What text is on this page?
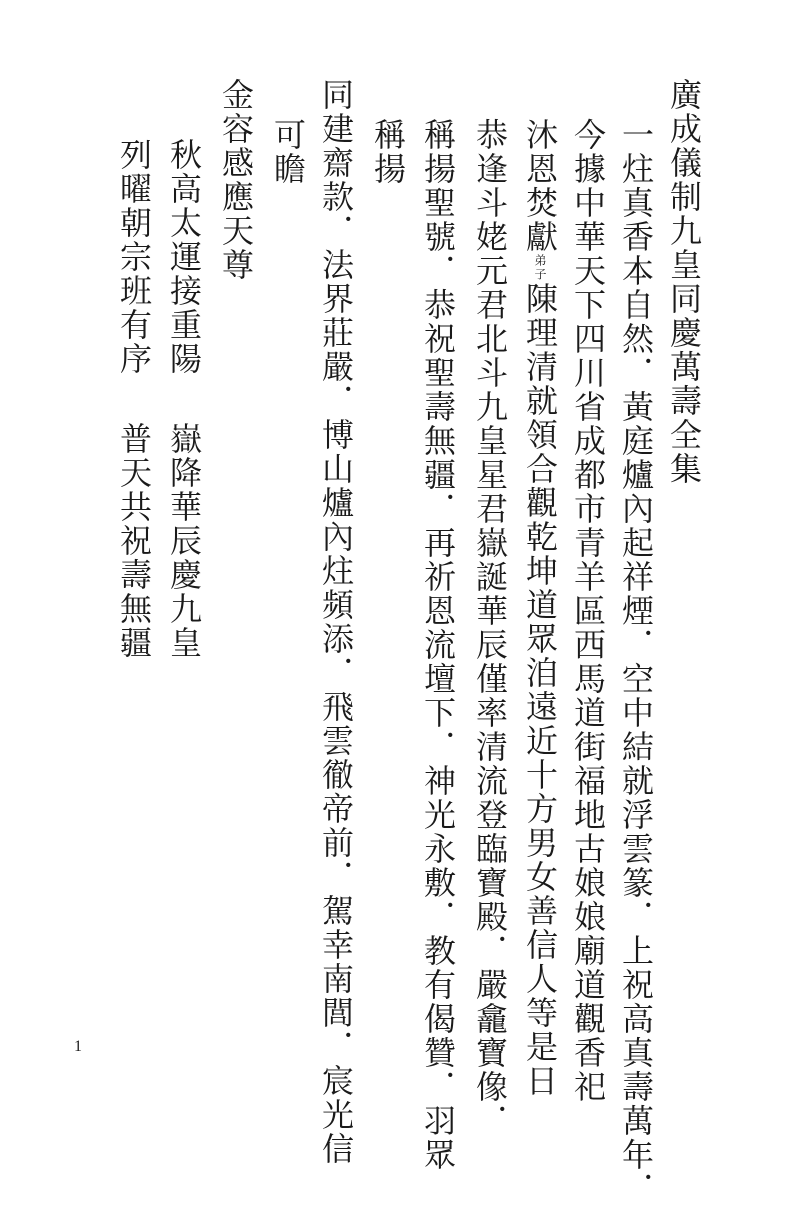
廣成儀制九皇同慶萬壽全集
一炷真香本自然．黃庭爐內起祥煙．空中結就浮雲篆．上祝高真壽萬年．
今據中華天下四川省成都市青羊區西馬道街福地古娘娘廟道觀香祀
沐恩焚獻弟子陳理清就領合觀乾坤道眾洎遠近十方男女善信人等是日
恭逢斗姥元君北斗九皇星君嶽誕華辰僅率清流登臨寶殿．嚴龕寶像．
稱揚聖號．恭祝聖壽無疆．再祈恩流壇下．神光永敷．教有偈贊．羽眾
稱揚
同建齋款．法界莊嚴．博山爐內炷頻添．飛雲徹帝前．駕幸南閭．宸光信
可瞻
金容感應天尊
秋高太運接重陽
嶽降華辰慶九皇
列曜朝宗班有序
普天共祝壽無疆
1
